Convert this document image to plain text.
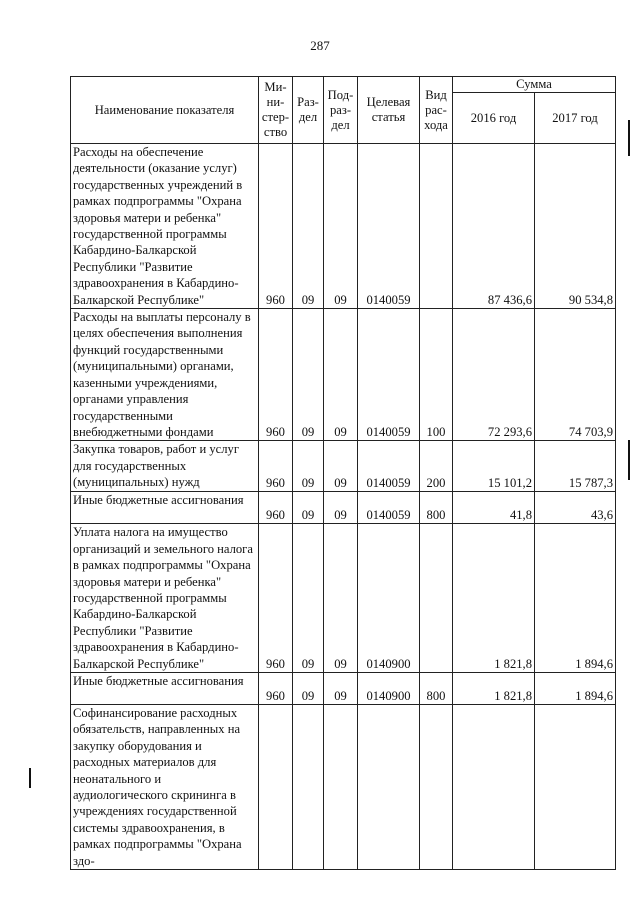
287
Наименование показателя	Ми-ни-стер-ство	Раз-дел	Под-раз-дел	Целевая статья	Вид рас-хода	Сумма	
						2016 год	2017 год
Расходы на обеспечение деятельности (оказание услуг) государственных учреждений в рамках подпрограммы "Охрана здоровья матери и ребенка" государственной программы Кабардино-Балкарской Республики "Развитие здравоохранения в Кабардино-Балкарской Республике"	960	09	09	0140059		87 436,6	90 534,8
Расходы на выплаты персоналу в целях обеспечения выполнения функций государственными (муниципальными) органами, казенными учреждениями, органами управления государственными внебюджетными фондами	960	09	09	0140059	100	72 293,6	74 703,9
Закупка товаров, работ и услуг для государственных (муниципальных) нужд	960	09	09	0140059	200	15 101,2	15 787,3
Иные бюджетные ассигнования	960	09	09	0140059	800	41,8	43,6
Уплата налога на имущество организаций и земельного налога в рамках подпрограммы "Охрана здоровья матери и ребенка" государственной программы Кабардино-Балкарской Республики "Развитие здравоохранения в Кабардино-Балкарской Республике"	960	09	09	0140900		1 821,8	1 894,6
Иные бюджетные ассигнования	960	09	09	0140900	800	1 821,8	1 894,6
Софинансирование расходных обязательств, направленных на закупку оборудования и расходных материалов для неонатального и аудиологического скрининга в учреждениях государственной системы здравоохранения, в рамках подпрограммы "Охрана здо-							
